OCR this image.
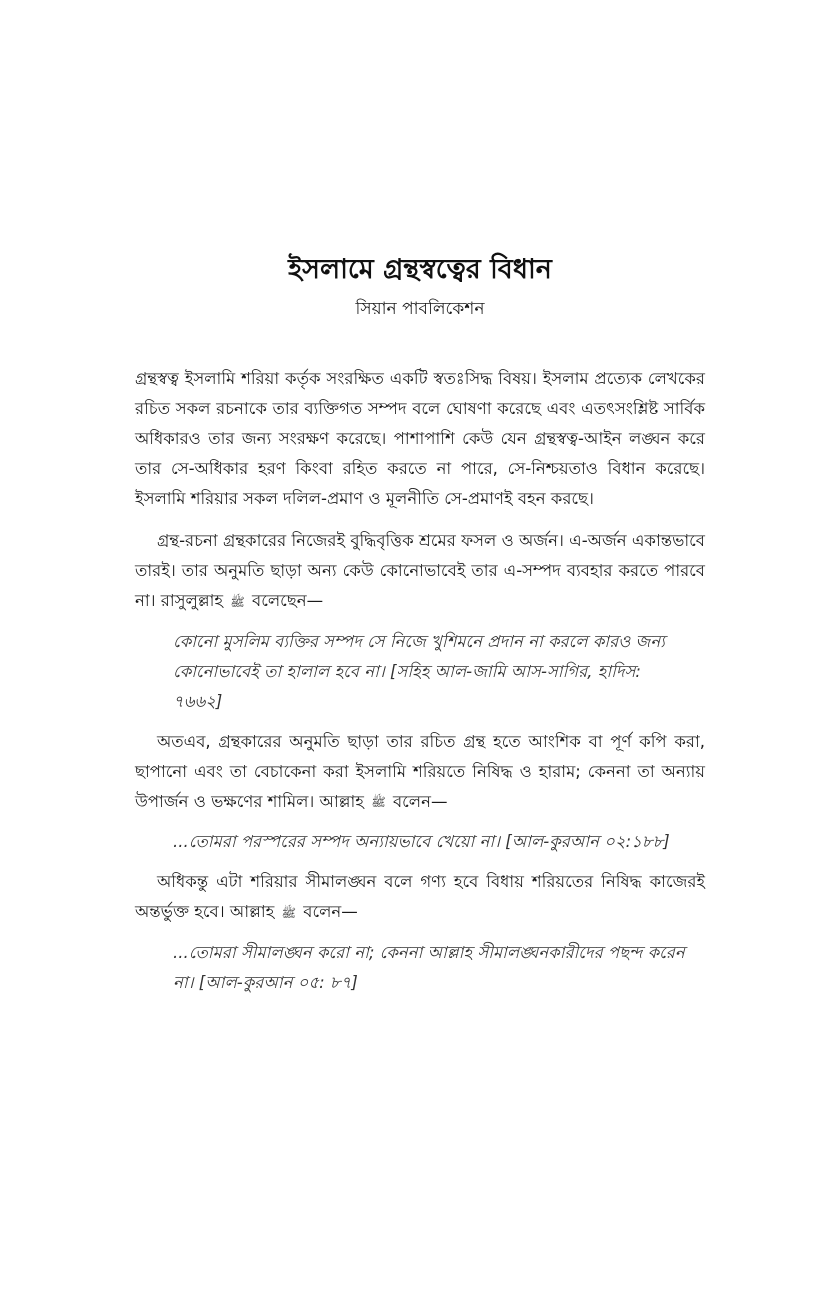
ইসলামে গ্রন্থস্বত্বের বিধান
সিয়ান পাবলিকেশন

গ্রন্থস্বত্ব ইসলামি শরিয়া কর্তৃক সংরক্ষিত একটি স্বতঃসিদ্ধ বিষয়। ইসলাম প্রত্যেক লেখকের রচিত সকল রচনাকে তার ব্যক্তিগত সম্পদ বলে ঘোষণা করেছে এবং এতৎসংশ্লিষ্ট সার্বিক অধিকারও তার জন্য সংরক্ষণ করেছে। পাশাপাশি কেউ যেন গ্রন্থস্বত্ব-আইন লঙ্ঘন করে তার সে-অধিকার হরণ কিংবা রহিত করতে না পারে, সে-নিশ্চয়তাও বিধান করেছে। ইসলামি শরিয়ার সকল দলিল-প্রমাণ ও মূলনীতি সে-প্রমাণই বহন করছে।

গ্রন্থ-রচনা গ্রন্থকারের নিজেরই বুদ্ধিবৃত্তিক শ্রমের ফসল ও অর্জন। এ-অর্জন একান্তভাবে তারই। তার অনুমতি ছাড়া অন্য কেউ কোনোভাবেই তার এ-সম্পদ ব্যবহার করতে পারবে না। রাসুলুল্লাহ ﷺ বলেছেন—

কোনো মুসলিম ব্যক্তির সম্পদ সে নিজে খুশিমনে প্রদান না করলে কারও জন্য কোনোভাবেই তা হালাল হবে না। [সহিহ আল-জামি আস-সাগির, হাদিস: ৭৬৬২]

অতএব, গ্রন্থকারের অনুমতি ছাড়া তার রচিত গ্রন্থ হতে আংশিক বা পূর্ণ কপি করা, ছাপানো এবং তা বেচাকেনা করা ইসলামি শরিয়তে নিষিদ্ধ ও হারাম; কেননা তা অন্যায় উপার্জন ও ভক্ষণের শামিল। আল্লাহ ﷺ বলেন—

...তোমরা পরস্পরের সম্পদ অন্যায়ভাবে খেয়ো না। [আল-কুরআন ০২:১৮৮]

অধিকন্তু এটা শরিয়ার সীমালঙ্ঘন বলে গণ্য হবে বিধায় শরিয়তের নিষিদ্ধ কাজেরই অন্তর্ভুক্ত হবে। আল্লাহ ﷺ বলেন—

...তোমরা সীমালঙ্ঘন করো না; কেননা আল্লাহ সীমালঙ্ঘনকারীদের পছন্দ করেন না। [আল-কুরআন ০৫: ৮৭]
